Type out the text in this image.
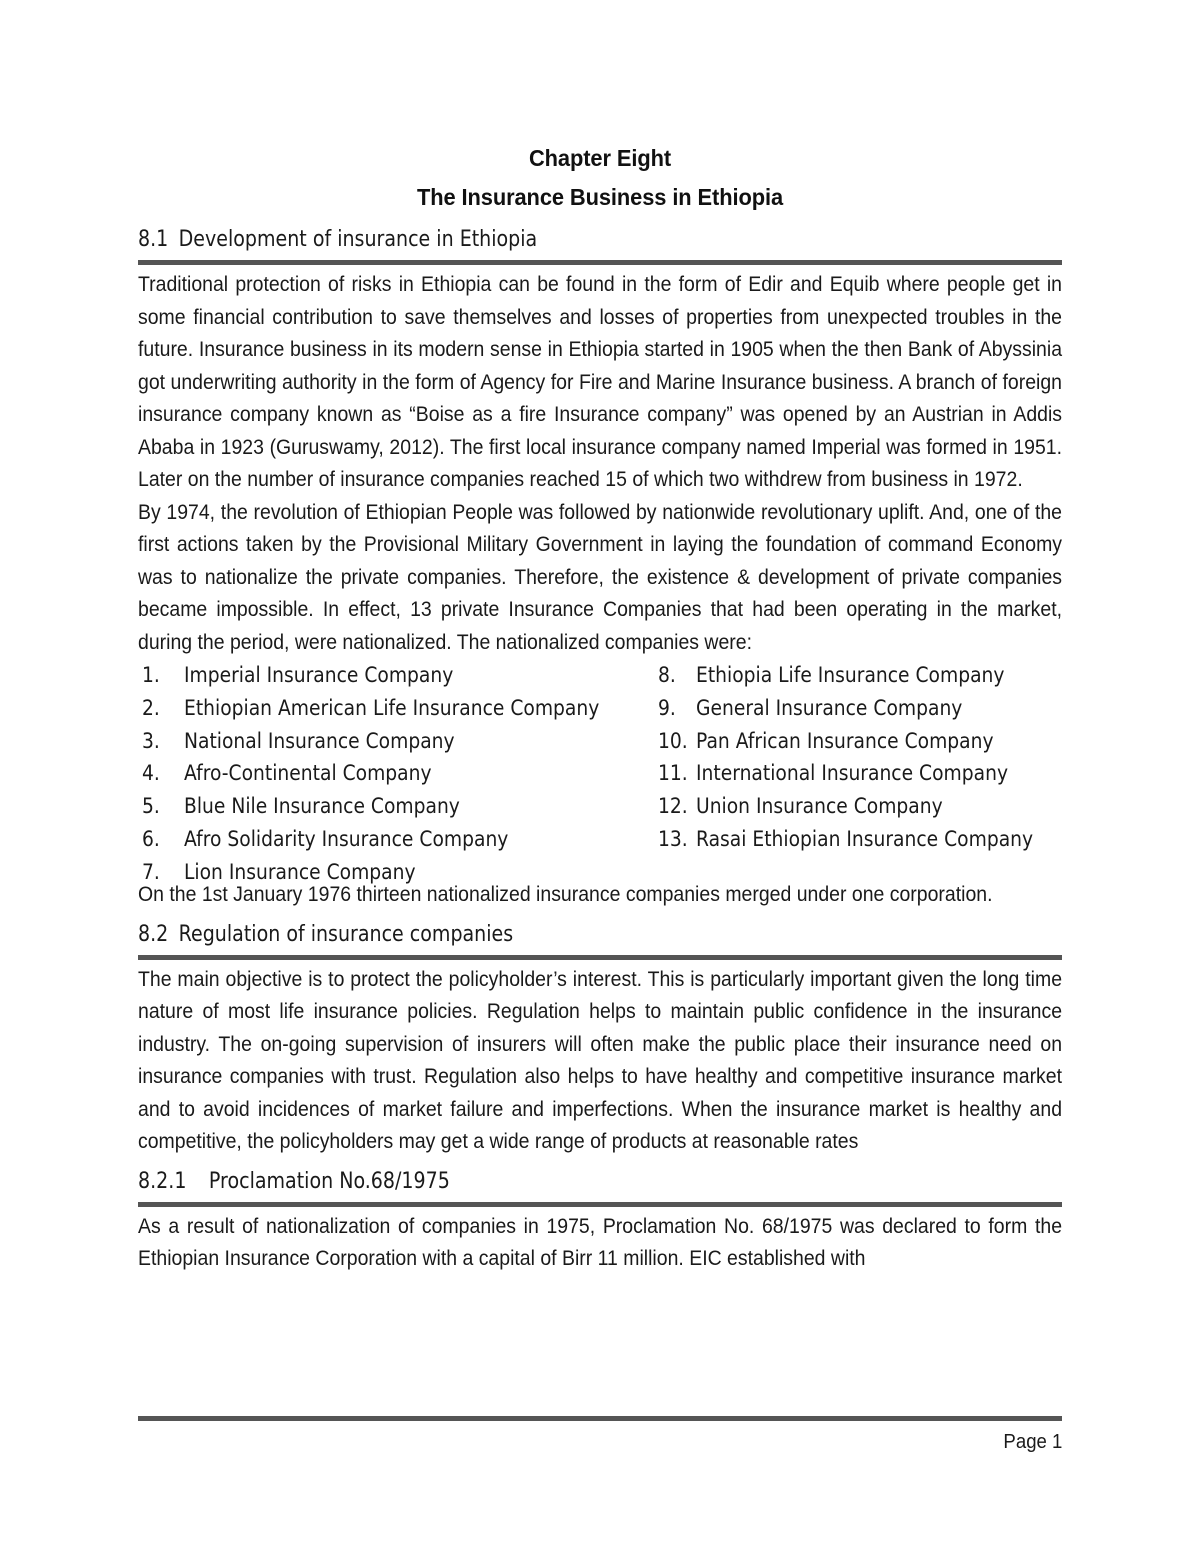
Chapter Eight
The Insurance Business in Ethiopia
8.1 Development of insurance in Ethiopia

Traditional protection of risks in Ethiopia can be found in the form of Edir and Equib where people get in some financial contribution to save themselves and losses of properties from unexpected troubles in the future. Insurance business in its modern sense in Ethiopia started in 1905 when the then Bank of Abyssinia got underwriting authority in the form of Agency for Fire and Marine Insurance business. A branch of foreign insurance company known as “Boise as a fire Insurance company” was opened by an Austrian in Addis Ababa in 1923 (Guruswamy, 2012). The first local insurance company named Imperial was formed in 1951. Later on the number of insurance companies reached 15 of which two withdrew from business in 1972.

By 1974, the revolution of Ethiopian People was followed by nationwide revolutionary uplift. And, one of the first actions taken by the Provisional Military Government in laying the foundation of command Economy was to nationalize the private companies. Therefore, the existence & development of private companies became impossible. In effect, 13 private Insurance Companies that had been operating in the market, during the period, were nationalized. The nationalized companies were:

1.	Imperial Insurance Company
2.	Ethiopian American Life Insurance Company
3.	National Insurance Company
4.	Afro-Continental Company
5.	Blue Nile Insurance Company
6.	Afro Solidarity Insurance Company
7.	Lion Insurance Company
8. Ethiopia Life Insurance Company
9. General Insurance Company
10. Pan African Insurance Company
11. International Insurance Company
12. Union Insurance Company
13. Rasai Ethiopian Insurance Company

On the 1st January 1976 thirteen nationalized insurance companies merged under one corporation.

8.2 Regulation of insurance companies

The main objective is to protect the policyholder’s interest. This is particularly important given the long time nature of most life insurance policies. Regulation helps to maintain public confidence in the insurance industry. The on-going supervision of insurers will often make the public place their insurance need on insurance companies with trust. Regulation also helps to have healthy and competitive insurance market and to avoid incidences of market failure and imperfections. When the insurance market is healthy and competitive, the policyholders may get a wide range of products at reasonable rates

8.2.1 Proclamation No.68/1975

As a result of nationalization of companies in 1975, Proclamation No. 68/1975 was declared to form the Ethiopian Insurance Corporation with a capital of Birr 11 million. EIC established with

Page 1
